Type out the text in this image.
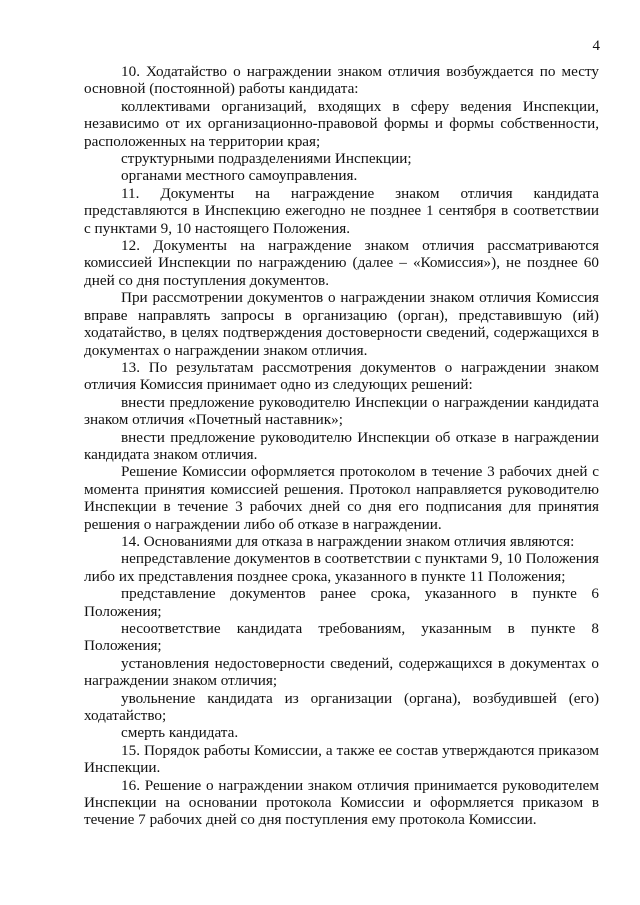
4

10. Ходатайство о награждении знаком отличия возбуждается по месту основной (постоянной) работы кандидата:

коллективами организаций, входящих в сферу ведения Инспекции, независимо от их организационно-правовой формы и формы собственности, расположенных на территории края;

структурными подразделениями Инспекции;

органами местного самоуправления.

11. Документы на награждение знаком отличия кандидата представляются в Инспекцию ежегодно не позднее 1 сентября в соответствии с пунктами 9, 10 настоящего Положения.

12. Документы на награждение знаком отличия рассматриваются комиссией Инспекции по награждению (далее – «Комиссия»), не позднее 60 дней со дня поступления документов.

При рассмотрении документов о награждении знаком отличия Комиссия вправе направлять запросы в организацию (орган), представившую (ий) ходатайство, в целях подтверждения достоверности сведений, содержащихся в документах о награждении знаком отличия.

13. По результатам рассмотрения документов о награждении знаком отличия Комиссия принимает одно из следующих решений:

внести предложение руководителю Инспекции о награждении кандидата знаком отличия «Почетный наставник»;

внести предложение руководителю Инспекции об отказе в награждении кандидата знаком отличия.

Решение Комиссии оформляется протоколом в течение 3 рабочих дней с момента принятия комиссией решения. Протокол направляется руководителю Инспекции в течение 3 рабочих дней со дня его подписания для принятия решения о награждении либо об отказе в награждении.

14. Основаниями для отказа в награждении знаком отличия являются:

непредставление документов в соответствии с пунктами 9, 10 Положения либо их представления позднее срока, указанного в пункте 11 Положения;

представление документов ранее срока, указанного в пункте 6 Положения;

несоответствие кандидата требованиям, указанным в пункте 8 Положения;

установления недостоверности сведений, содержащихся в документах о награждении знаком отличия;

увольнение кандидата из организации (органа), возбудившей (его) ходатайство;

смерть кандидата.

15. Порядок работы Комиссии, а также ее состав утверждаются приказом Инспекции.

16. Решение о награждении знаком отличия принимается руководителем Инспекции на основании протокола Комиссии и оформляется приказом в течение 7 рабочих дней со дня поступления ему протокола Комиссии.
